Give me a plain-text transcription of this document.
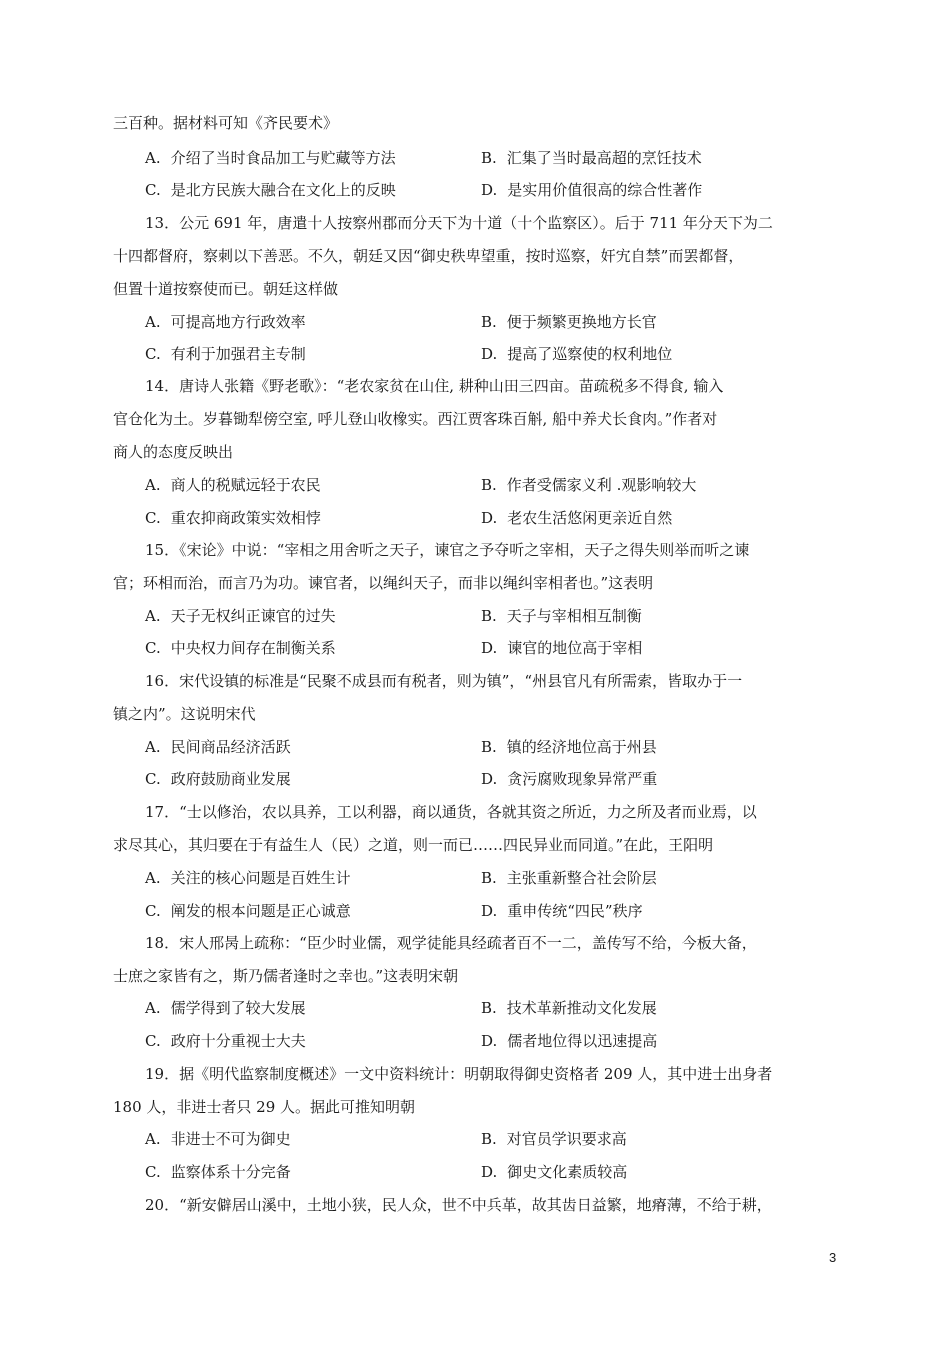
三百种。据材料可知《齐民要术》
A. 介绍了当时食品加工与贮藏等方法	B. 汇集了当时最高超的烹饪技术
C. 是北方民族大融合在文化上的反映	D. 是实用价值很高的综合性著作
13．公元 691 年，唐遣十人按察州郡而分天下为十道（十个监察区）。后于 711 年分天下为二
十四都督府，察刺以下善恶。不久，朝廷又因“御史秩卑望重，按时巡察，奸宄自禁”而罢都督，
但置十道按察使而已。朝廷这样做
A. 可提高地方行政效率	B. 便于频繁更换地方长官
C. 有利于加强君主专制	D. 提高了巡察使的权利地位
14．唐诗人张籍《野老歌》：“老农家贫在山住, 耕种山田三四亩。苗疏税多不得食, 输入
官仓化为土。岁暮锄犁傍空室, 呼儿登山收橡实。西江贾客珠百斛, 船中养犬长食肉。”作者对
商人的态度反映出
A. 商人的税赋远轻于农民	B. 作者受儒家义利 .观影响较大
C. 重农抑商政策实效相悖	D. 老农生活悠闲更亲近自然
15．《宋论》中说：“宰相之用舍听之天子，谏官之予夺听之宰相，天子之得失则举而听之谏
官；环相而治，而言乃为功。谏官者，以绳纠天子，而非以绳纠宰相者也。”这表明
A. 天子无权纠正谏官的过失	B. 天子与宰相相互制衡
C. 中央权力间存在制衡关系	D. 谏官的地位高于宰相
16．宋代设镇的标准是“民聚不成县而有税者，则为镇”，“州县官凡有所需索，皆取办于一
镇之内”。这说明宋代
A. 民间商品经济活跃	B. 镇的经济地位高于州县
C. 政府鼓励商业发展	D. 贪污腐败现象异常严重
17．“士以修治，农以具养，工以利器，商以通货，各就其资之所近，力之所及者而业焉，以
求尽其心，其归要在于有益生人（民）之道，则一而已……四民异业而同道。”在此，王阳明
A. 关注的核心问题是百姓生计	B. 主张重新整合社会阶层
C. 阐发的根本问题是正心诚意	D. 重申传统“四民”秩序
18．宋人邢昺上疏称：“臣少时业儒，观学徒能具经疏者百不一二，盖传写不给，今板大备，
士庶之家皆有之，斯乃儒者逢时之幸也。”这表明宋朝
A. 儒学得到了较大发展	B. 技术革新推动文化发展
C. 政府十分重视士大夫	D. 儒者地位得以迅速提高
19．据《明代监察制度概述》一文中资料统计：明朝取得御史资格者 209 人，其中进士出身者
180 人，非进士者只 29 人。据此可推知明朝
A. 非进士不可为御史	B. 对官员学识要求高
C. 监察体系十分完备	D. 御史文化素质较高
20．“新安僻居山溪中，土地小狭，民人众，世不中兵革，故其齿日益繁，地瘠薄，不给于耕，
3
